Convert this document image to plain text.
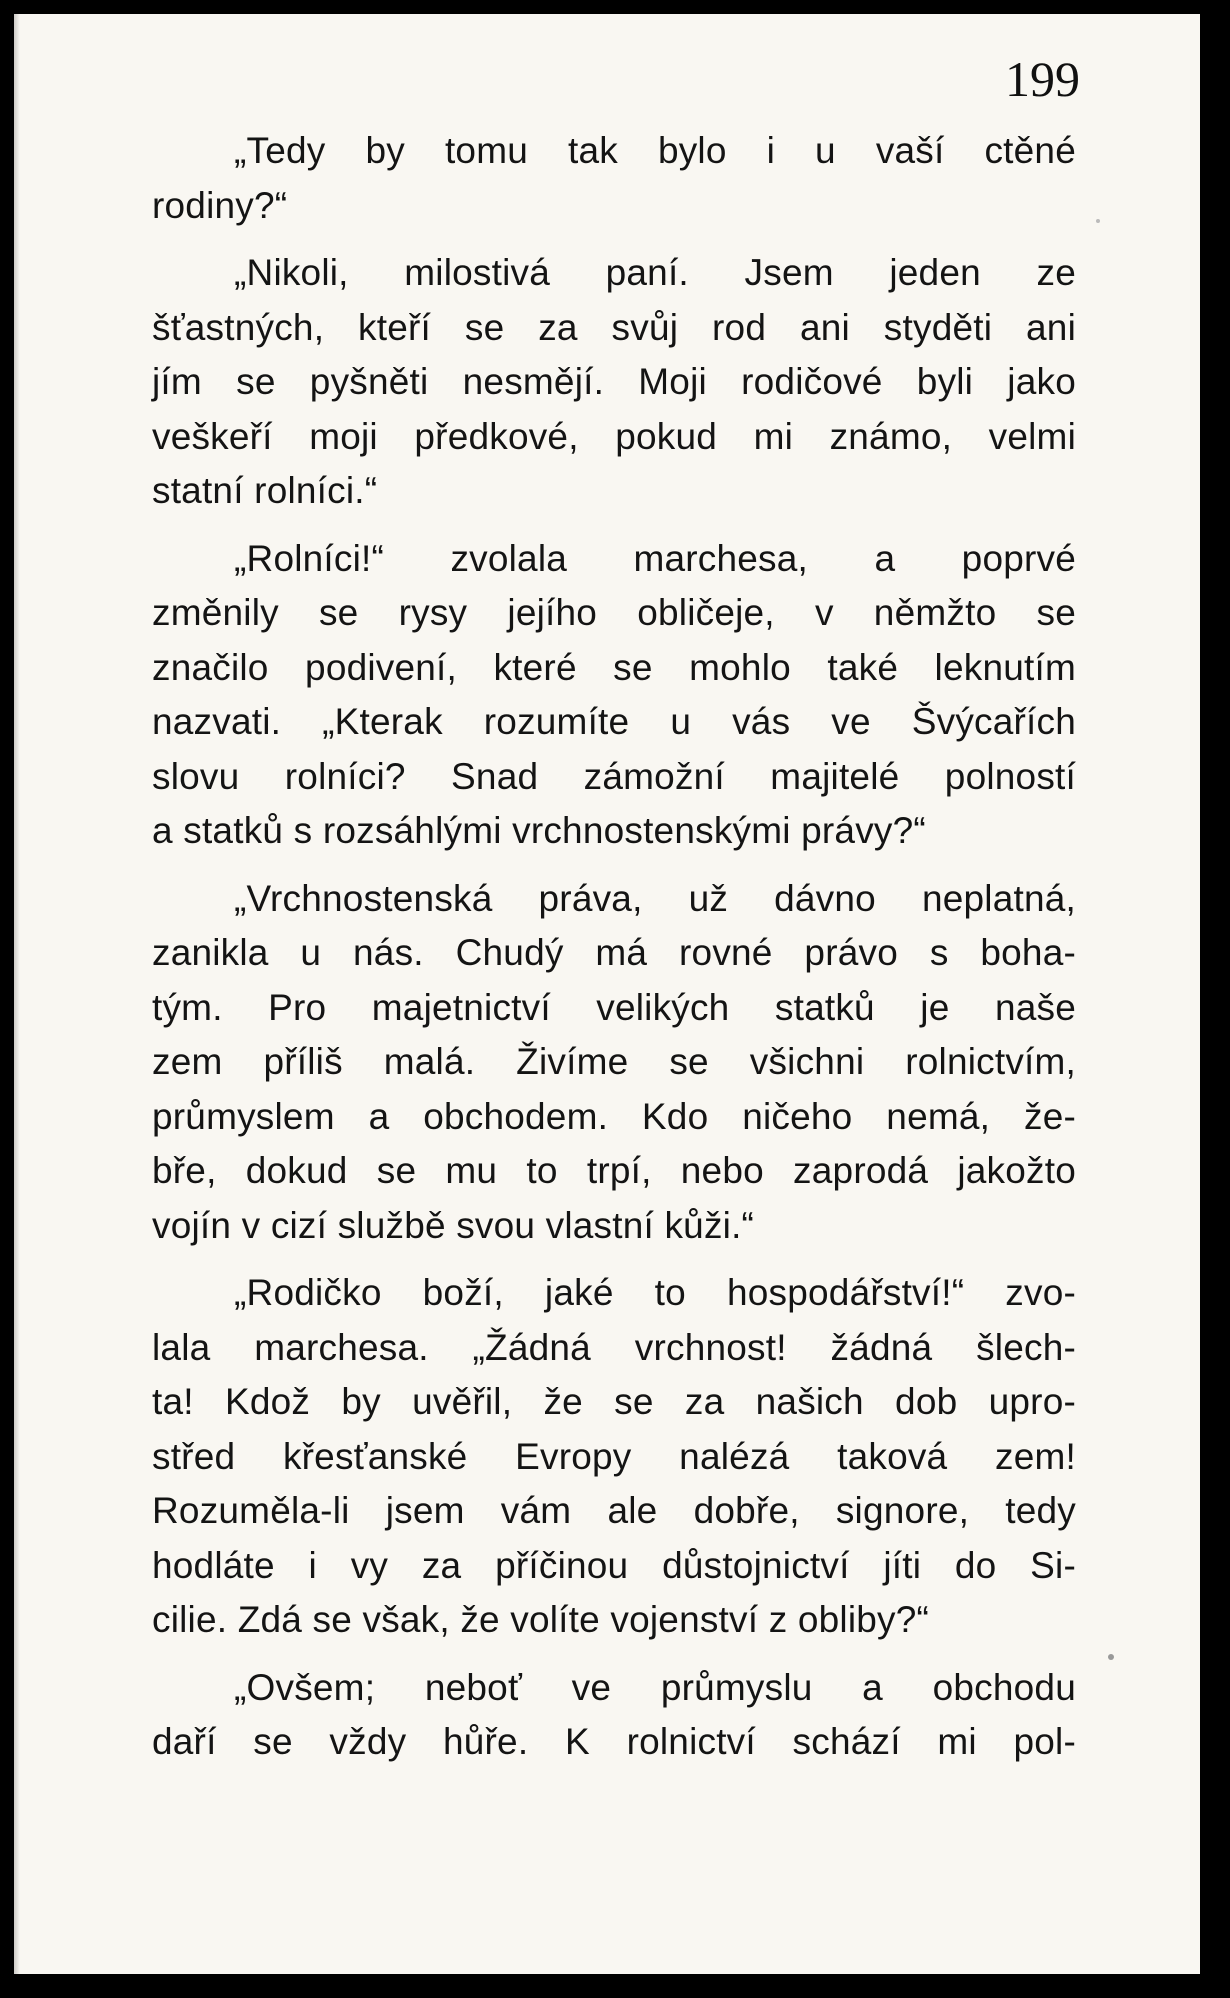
199

„Tedy by tomu tak bylo i u vaší ctěné
rodiny?“
„Nikoli, milostivá paní. Jsem jeden ze
šťastných, kteří se za svůj rod ani styděti ani
jím se pyšněti nesmějí. Moji rodičové byli jako
veškeří moji předkové, pokud mi známo, velmi
statní rolníci.“
„Rolníci!“ zvolala marchesa, a poprvé
změnily se rysy jejího obličeje, v němžto se
značilo podivení, které se mohlo také leknutím
nazvati. „Kterak rozumíte u vás ve Švýcařích
slovu rolníci? Snad zámožní majitelé polností
a statků s rozsáhlými vrchnostenskými právy?“
„Vrchnostenská práva, už dávno neplatná,
zanikla u nás. Chudý má rovné právo s boha-
tým. Pro majetnictví velikých statků je naše
zem příliš malá. Živíme se všichni rolnictvím,
průmyslem a obchodem. Kdo ničeho nemá, že-
bře, dokud se mu to trpí, nebo zaprodá jakožto
vojín v cizí službě svou vlastní kůži.“
„Rodičko boží, jaké to hospodářství!“ zvo-
lala marchesa. „Žádná vrchnost! žádná šlech-
ta! Kdož by uvěřil, že se za našich dob upro-
střed křesťanské Evropy nalézá taková zem!
Rozuměla-li jsem vám ale dobře, signore, tedy
hodláte i vy za příčinou důstojnictví jíti do Si-
cilie. Zdá se však, že volíte vojenství z obliby?“
„Ovšem; neboť ve průmyslu a obchodu
daří se vždy hůře. K rolnictví schází mi pol-
